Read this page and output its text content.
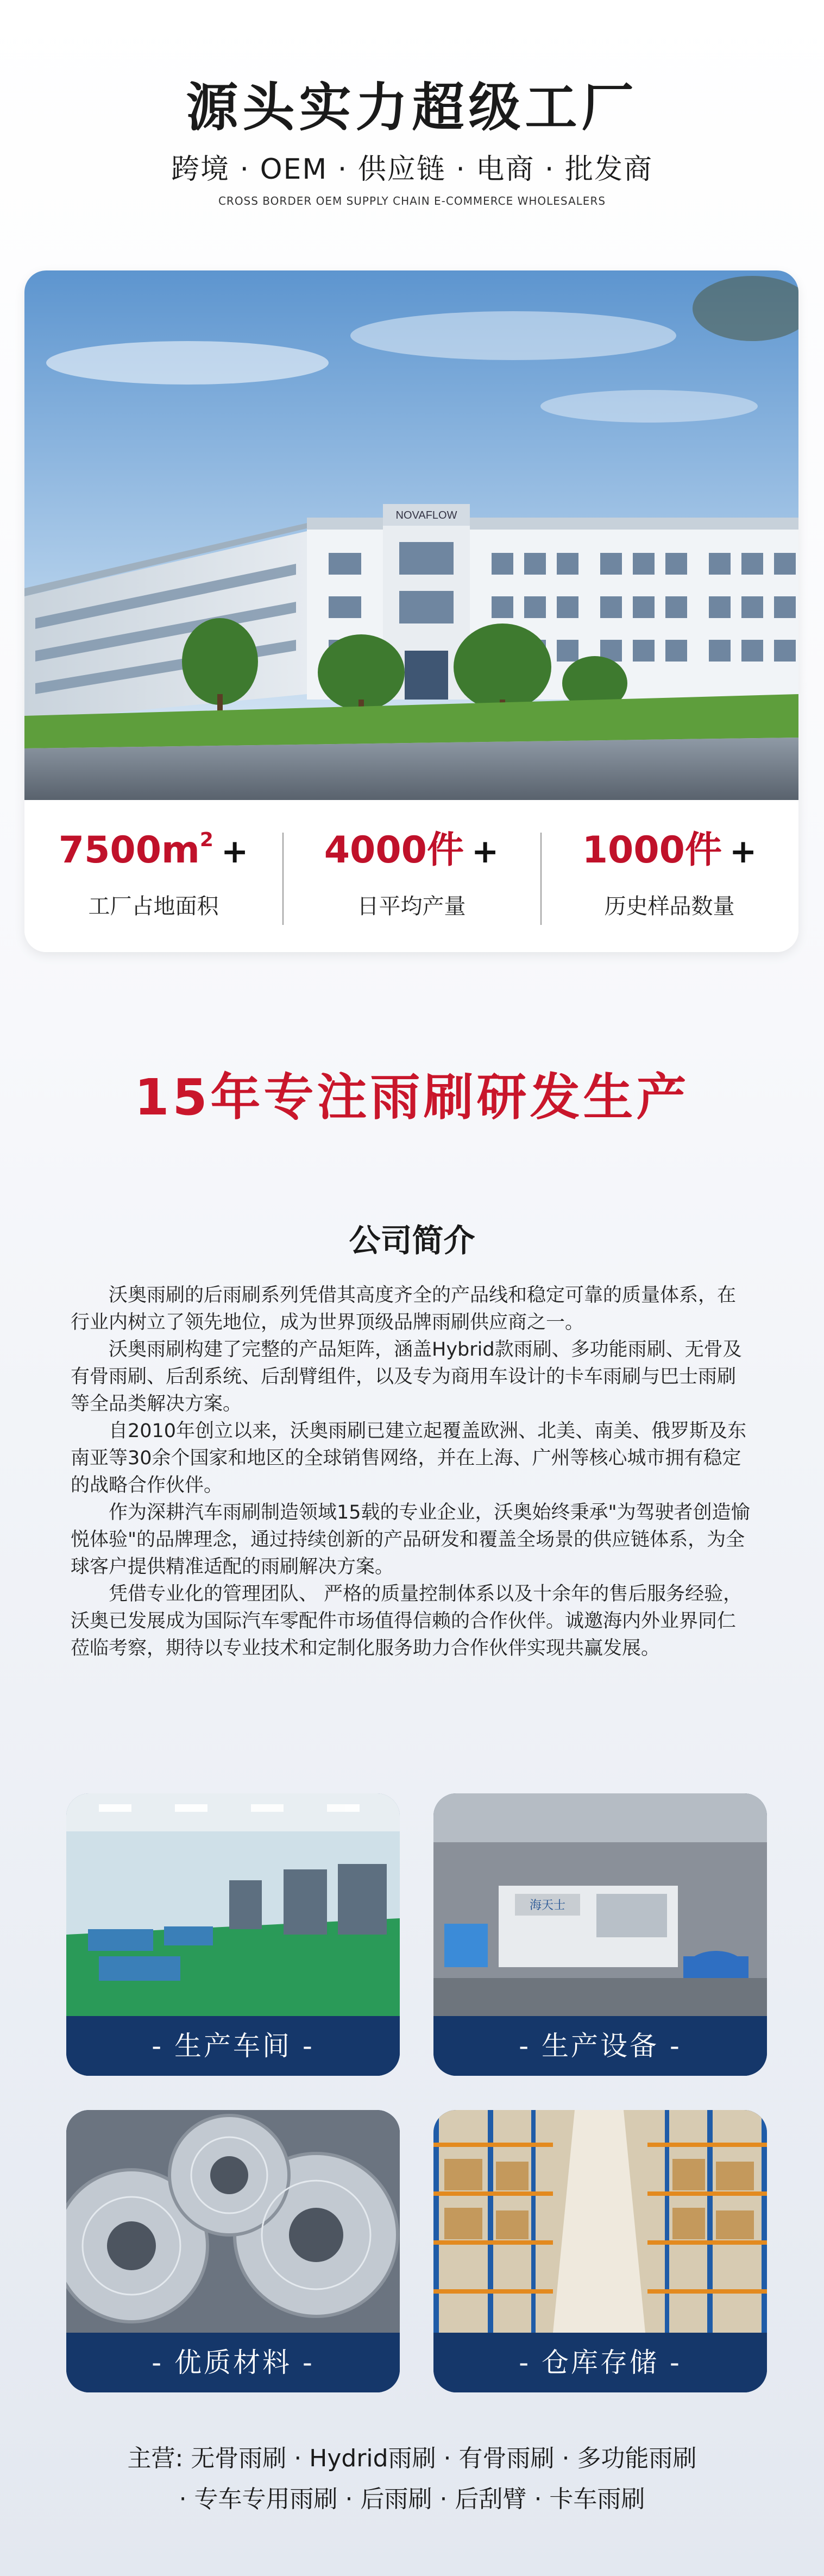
源头实力超级工厂
跨境 · OEM · 供应链 · 电商 · 批发商
CROSS BORDER OEM SUPPLY CHAIN E-COMMERCE WHOLESALERS
NOVAFLOW
7500m2 +
工厂占地面积
4000件 +
日平均产量
1000件 +
历史样品数量
15年专注雨刷研发生产
公司简介

沃奥雨刷的后雨刷系列凭借其高度齐全的产品线和稳定可靠的质量体系，在行业内树立了领先地位，成为世界顶级品牌雨刷供应商之一。

沃奥雨刷构建了完整的产品矩阵，涵盖Hybrid款雨刷、多功能雨刷、无骨及有骨雨刷、后刮系统、后刮臂组件，以及专为商用车设计的卡车雨刷与巴士雨刷等全品类解决方案。

自2010年创立以来，沃奥雨刷已建立起覆盖欧洲、北美、南美、俄罗斯及东南亚等30余个国家和地区的全球销售网络，并在上海、广州等核心城市拥有稳定的战略合作伙伴。

作为深耕汽车雨刷制造领域15载的专业企业，沃奥始终秉承"为驾驶者创造愉悦体验"的品牌理念，通过持续创新的产品研发和覆盖全场景的供应链体系，为全球客户提供精准适配的雨刷解决方案。

凭借专业化的管理团队、 严格的质量控制体系以及十余年的售后服务经验，沃奥已发展成为国际汽车零配件市场值得信赖的合作伙伴。诚邀海内外业界同仁莅临考察，期待以专业技术和定制化服务助力合作伙伴实现共赢发展。

- 生产车间 -
海天士
- 生产设备 -
- 优质材料 -	- 仓库存储 -
主营: 无骨雨刷 · Hydrid雨刷 · 有骨雨刷 · 多功能雨刷
· 专车专用雨刷 · 后雨刷 · 后刮臂 · 卡车雨刷
